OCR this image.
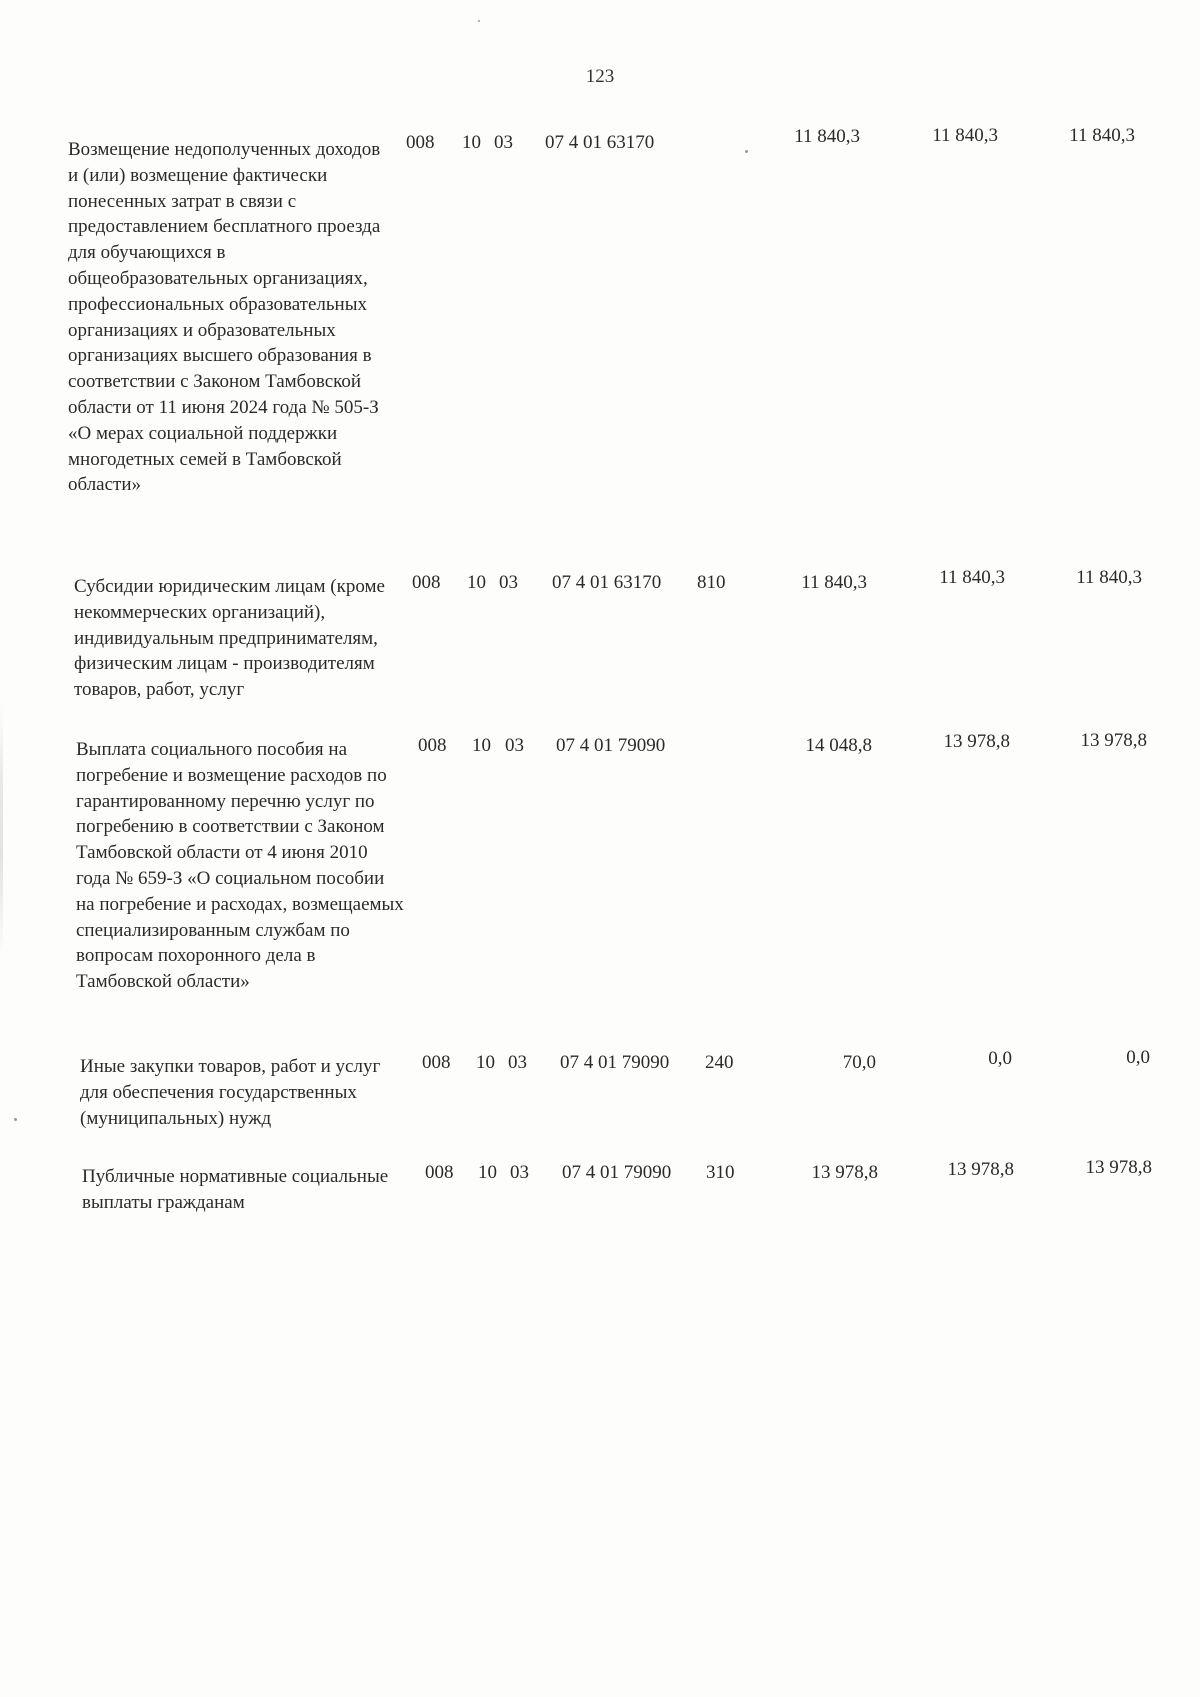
123
Возмещение недополученных доходов и (или) возмещение фактически понесенных затрат в связи с предоставлением бесплатного проезда для обучающихся в общеобразовательных организациях, профессиональных образовательных организациях и образовательных организациях высшего образования в соответствии с Законом Тамбовской области от 11 июня 2024 года № 505-З «О мерах социальной поддержки многодетных семей в Тамбовской области»
008 10 03 07 4 01 63170	11 840,3	11 840,3	11 840,3
Субсидии юридическим лицам (кроме некоммерческих организаций), индивидуальным предпринимателям, физическим лицам - производителям товаров, работ, услуг
008 10 03 07 4 01 63170 810	11 840,3	11 840,3	11 840,3
Выплата социального пособия на погребение и возмещение расходов по гарантированному перечню услуг по погребению в соответствии с Законом Тамбовской области от 4 июня 2010 года № 659-З «О социальном пособии на погребение и расходах, возмещаемых специализированным службам по вопросам похоронного дела в Тамбовской области»
008 10 03 07 4 01 79090	14 048,8	13 978,8	13 978,8
Иные закупки товаров, работ и услуг для обеспечения государственных (муниципальных) нужд
008 10 03 07 4 01 79090 240	70,0	0,0	0,0
Публичные нормативные социальные выплаты гражданам
008 10 03 07 4 01 79090 310	13 978,8	13 978,8	13 978,8
